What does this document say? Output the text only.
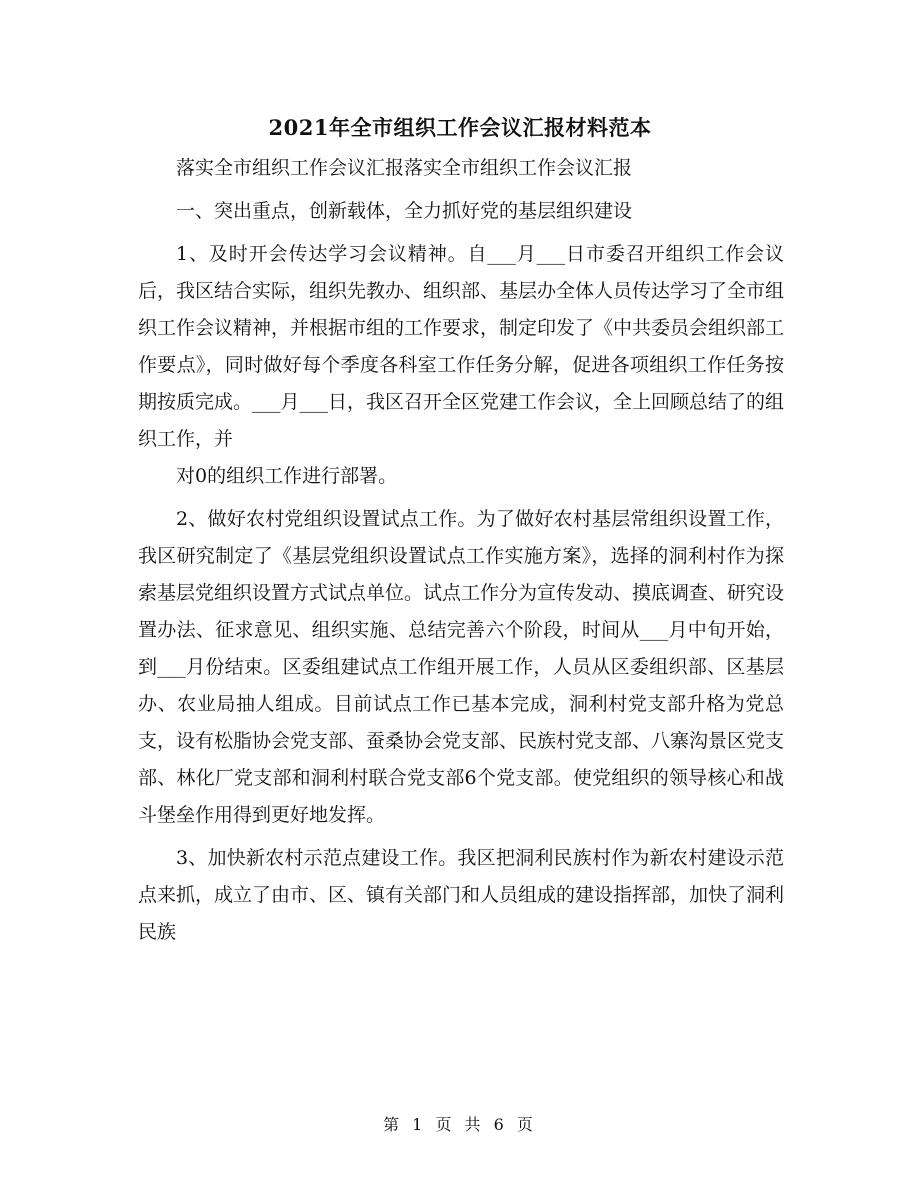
2021年全市组织工作会议汇报材料范本

落实全市组织工作会议汇报落实全市组织工作会议汇报

一、突出重点，创新载体，全力抓好党的基层组织建设

1、及时开会传达学习会议精神。自___月___日市委召开组织工作会议后，我区结合实际，组织先教办、组织部、基层办全体人员传达学习了全市组织工作会议精神，并根据市组的工作要求，制定印发了《中共委员会组织部工作要点》，同时做好每个季度各科室工作任务分解，促进各项组织工作任务按期按质完成。___月___日，我区召开全区党建工作会议，全上回顾总结了的组织工作，并

对0的组织工作进行部署。

2、做好农村党组织设置试点工作。为了做好农村基层常组织设置工作，我区研究制定了《基层党组织设置试点工作实施方案》，选择的洞利村作为探索基层党组织设置方式试点单位。试点工作分为宣传发动、摸底调查、研究设置办法、征求意见、组织实施、总结完善六个阶段，时间从___月中旬开始，到___月份结束。区委组建试点工作组开展工作，人员从区委组织部、区基层办、农业局抽人组成。目前试点工作已基本完成，洞利村党支部升格为党总支，设有松脂协会党支部、蚕桑协会党支部、民族村党支部、八寨沟景区党支部、林化厂党支部和洞利村联合党支部6个党支部。使党组织的领导核心和战斗堡垒作用得到更好地发挥。

3、加快新农村示范点建设工作。我区把洞利民族村作为新农村建设示范点来抓，成立了由市、区、镇有关部门和人员组成的建设指挥部，加快了洞利民族

第 1 页 共 6 页
